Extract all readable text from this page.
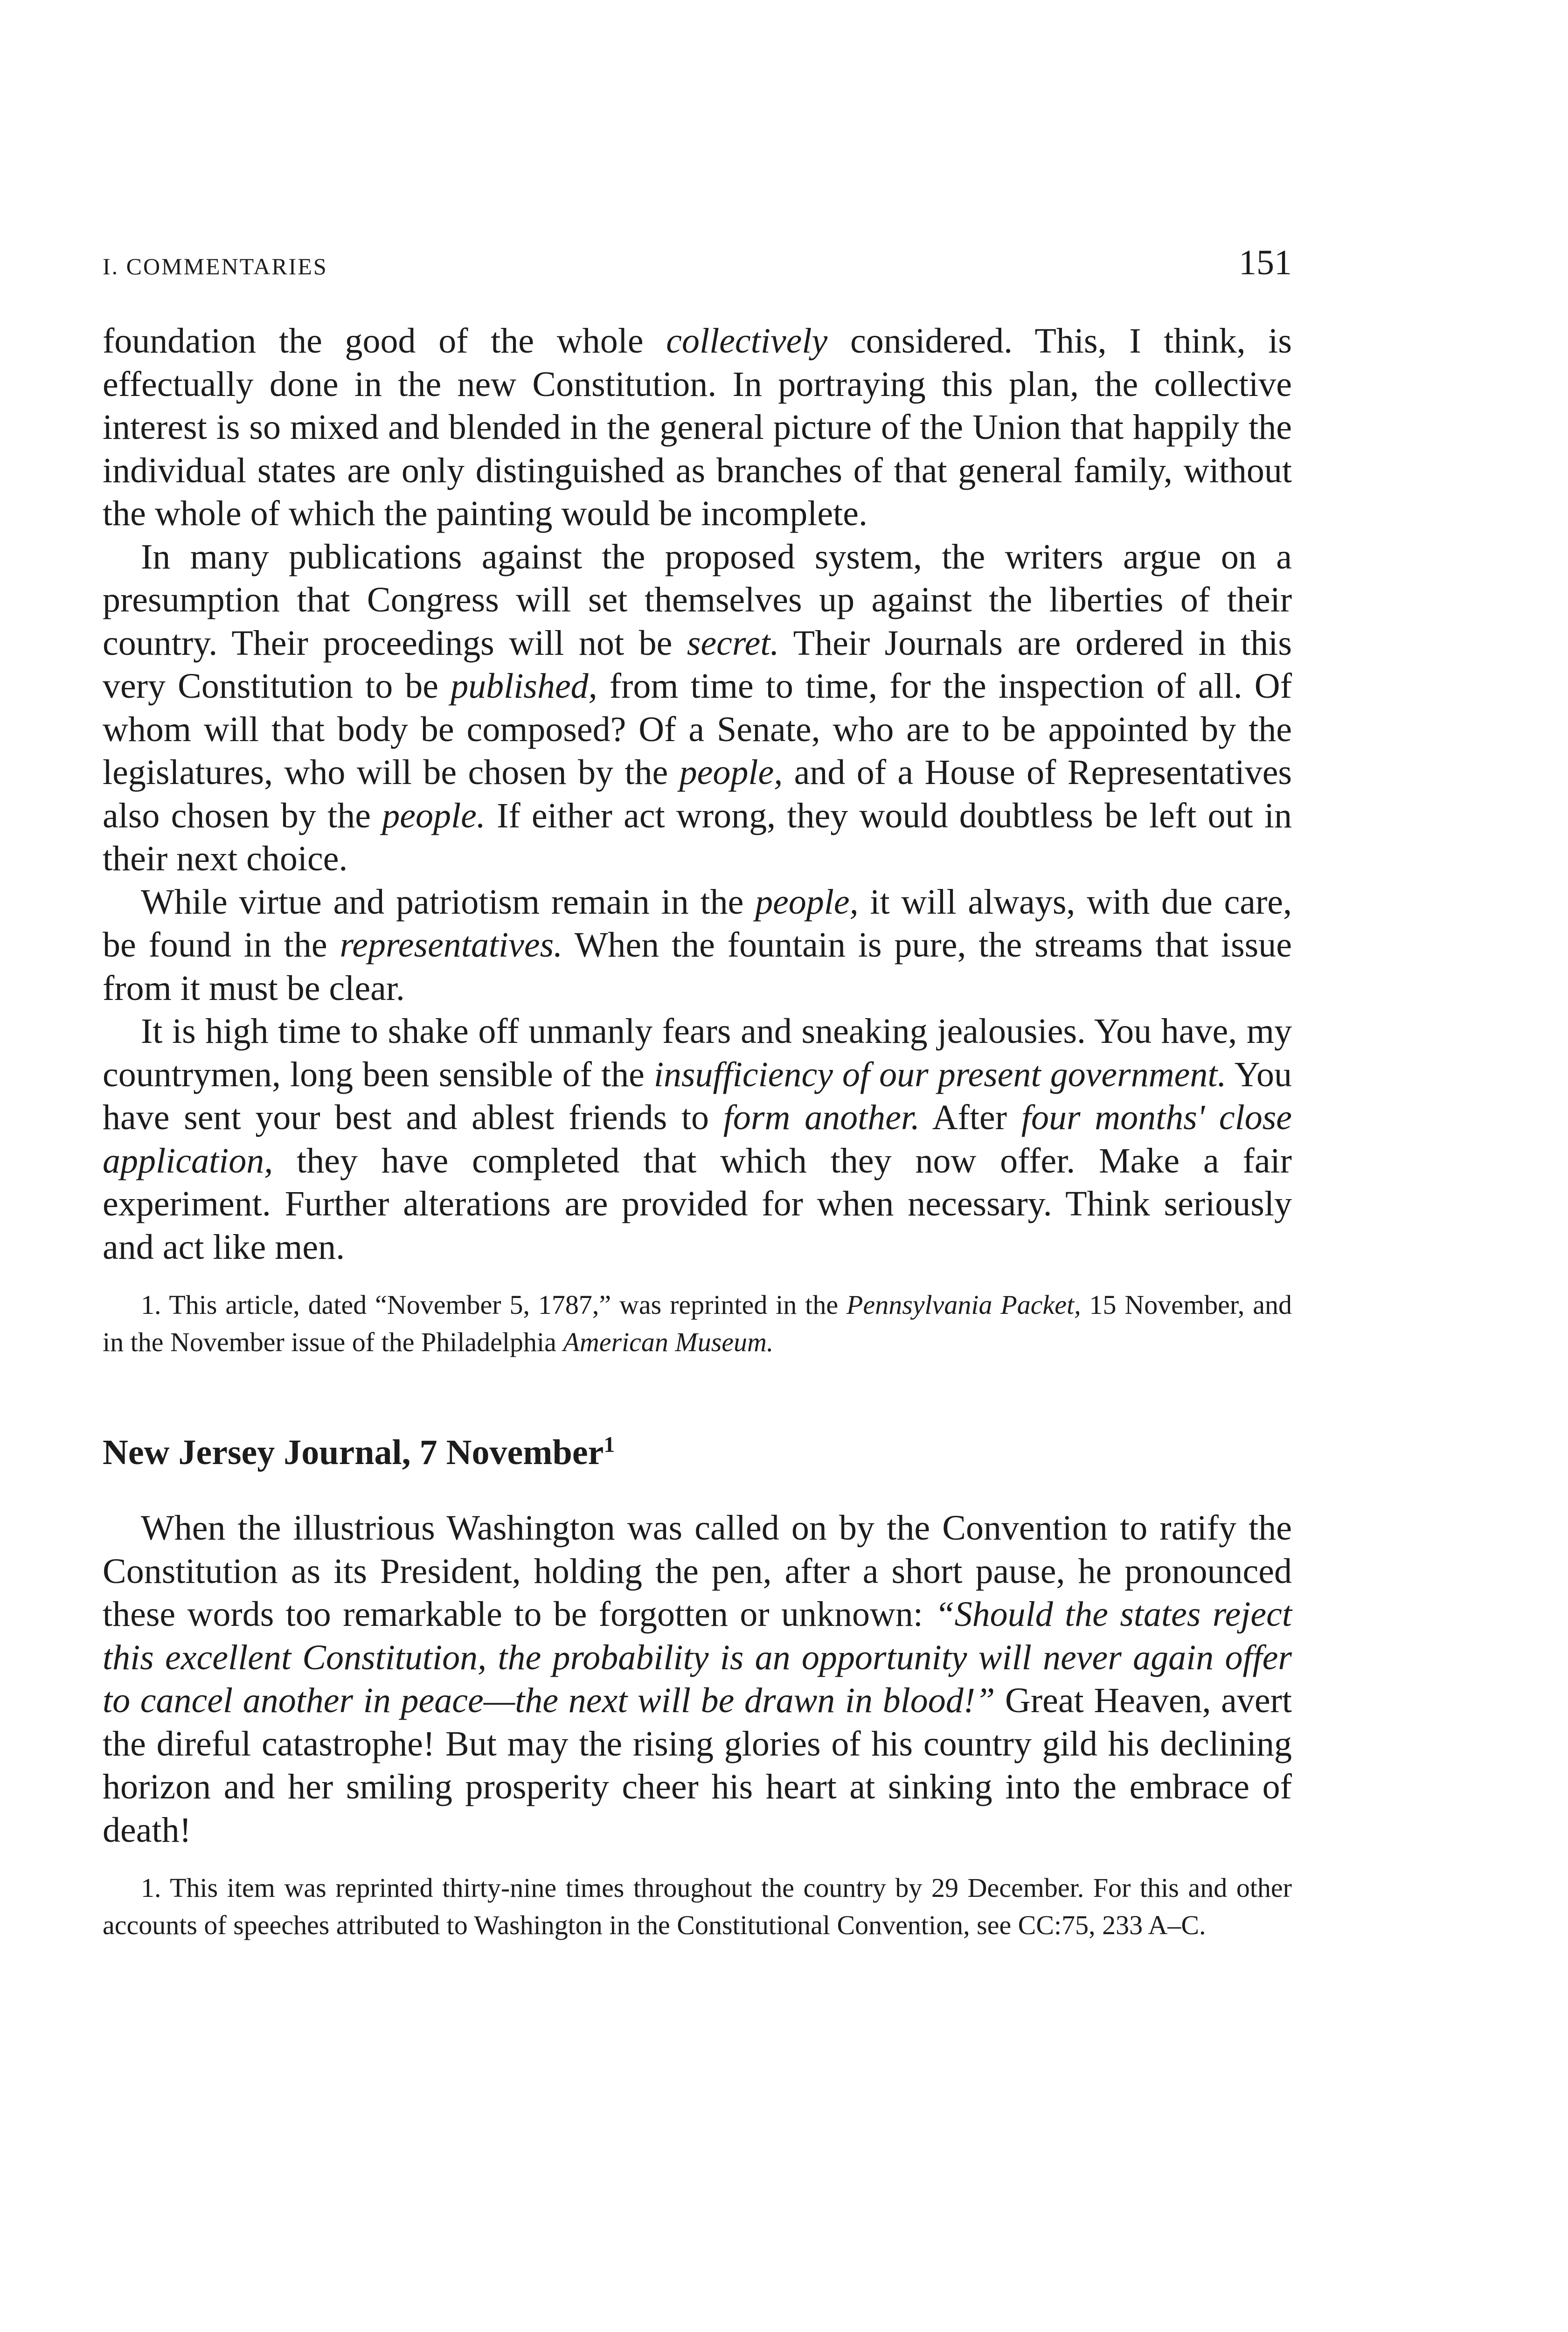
I. COMMENTARIES	151

foundation the good of the whole collectively considered. This, I think, is effectually done in the new Constitution. In portraying this plan, the collective interest is so mixed and blended in the general picture of the Union that happily the individual states are only distinguished as branches of that general family, without the whole of which the painting would be incomplete.

In many publications against the proposed system, the writers argue on a presumption that Congress will set themselves up against the liberties of their country. Their proceedings will not be secret. Their Journals are ordered in this very Constitution to be published, from time to time, for the inspection of all. Of whom will that body be composed? Of a Senate, who are to be appointed by the legislatures, who will be chosen by the people, and of a House of Representatives also chosen by the people. If either act wrong, they would doubtless be left out in their next choice.

While virtue and patriotism remain in the people, it will always, with due care, be found in the representatives. When the fountain is pure, the streams that issue from it must be clear.

It is high time to shake off unmanly fears and sneaking jealousies. You have, my countrymen, long been sensible of the insufficiency of our present government. You have sent your best and ablest friends to form another. After four months' close application, they have completed that which they now offer. Make a fair experiment. Further alterations are provided for when necessary. Think seriously and act like men.

1. This article, dated “November 5, 1787,” was reprinted in the Pennsylvania Packet, 15 November, and in the November issue of the Philadelphia American Museum.

New Jersey Journal, 7 November$^1$

When the illustrious Washington was called on by the Convention to ratify the Constitution as its President, holding the pen, after a short pause, he pronounced these words too remarkable to be forgotten or unknown: “Should the states reject this excellent Constitution, the probability is an opportunity will never again offer to cancel another in peace—the next will be drawn in blood!” Great Heaven, avert the direful catastrophe! But may the rising glories of his country gild his declining horizon and her smiling prosperity cheer his heart at sinking into the embrace of death!

1. This item was reprinted thirty-nine times throughout the country by 29 December. For this and other accounts of speeches attributed to Washington in the Constitutional Convention, see CC:75, 233 A–C.
